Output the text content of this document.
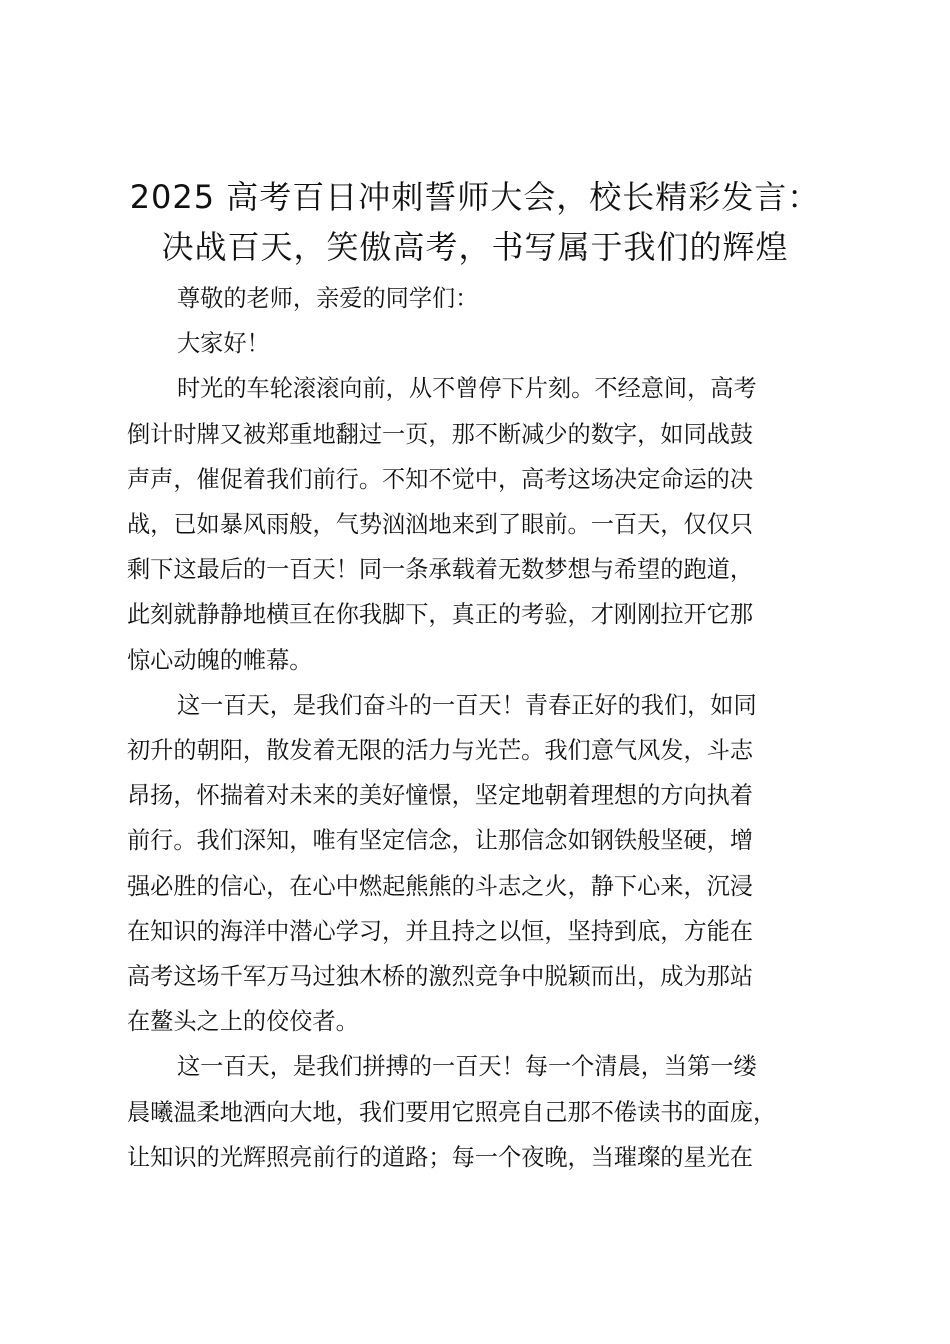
2025 高考百日冲刺誓师大会，校长精彩发言：
决战百天，笑傲高考，书写属于我们的辉煌

尊敬的老师，亲爱的同学们：

大家好！

时光的车轮滚滚向前，从不曾停下片刻。不经意间，高考
倒计时牌又被郑重地翻过一页，那不断减少的数字，如同战鼓
声声，催促着我们前行。不知不觉中，高考这场决定命运的决
战，已如暴风雨般，气势汹汹地来到了眼前。一百天，仅仅只
剩下这最后的一百天！同一条承载着无数梦想与希望的跑道，
此刻就静静地横亘在你我脚下，真正的考验，才刚刚拉开它那
惊心动魄的帷幕。

这一百天，是我们奋斗的一百天！青春正好的我们，如同
初升的朝阳，散发着无限的活力与光芒。我们意气风发，斗志
昂扬，怀揣着对未来的美好憧憬，坚定地朝着理想的方向执着
前行。我们深知，唯有坚定信念，让那信念如钢铁般坚硬，增
强必胜的信心，在心中燃起熊熊的斗志之火，静下心来，沉浸
在知识的海洋中潜心学习，并且持之以恒，坚持到底，方能在
高考这场千军万马过独木桥的激烈竞争中脱颖而出，成为那站
在鳌头之上的佼佼者。

这一百天，是我们拼搏的一百天！每一个清晨，当第一缕
晨曦温柔地洒向大地，我们要用它照亮自己那不倦读书的面庞，
让知识的光辉照亮前行的道路；每一个夜晚，当璀璨的星光在
